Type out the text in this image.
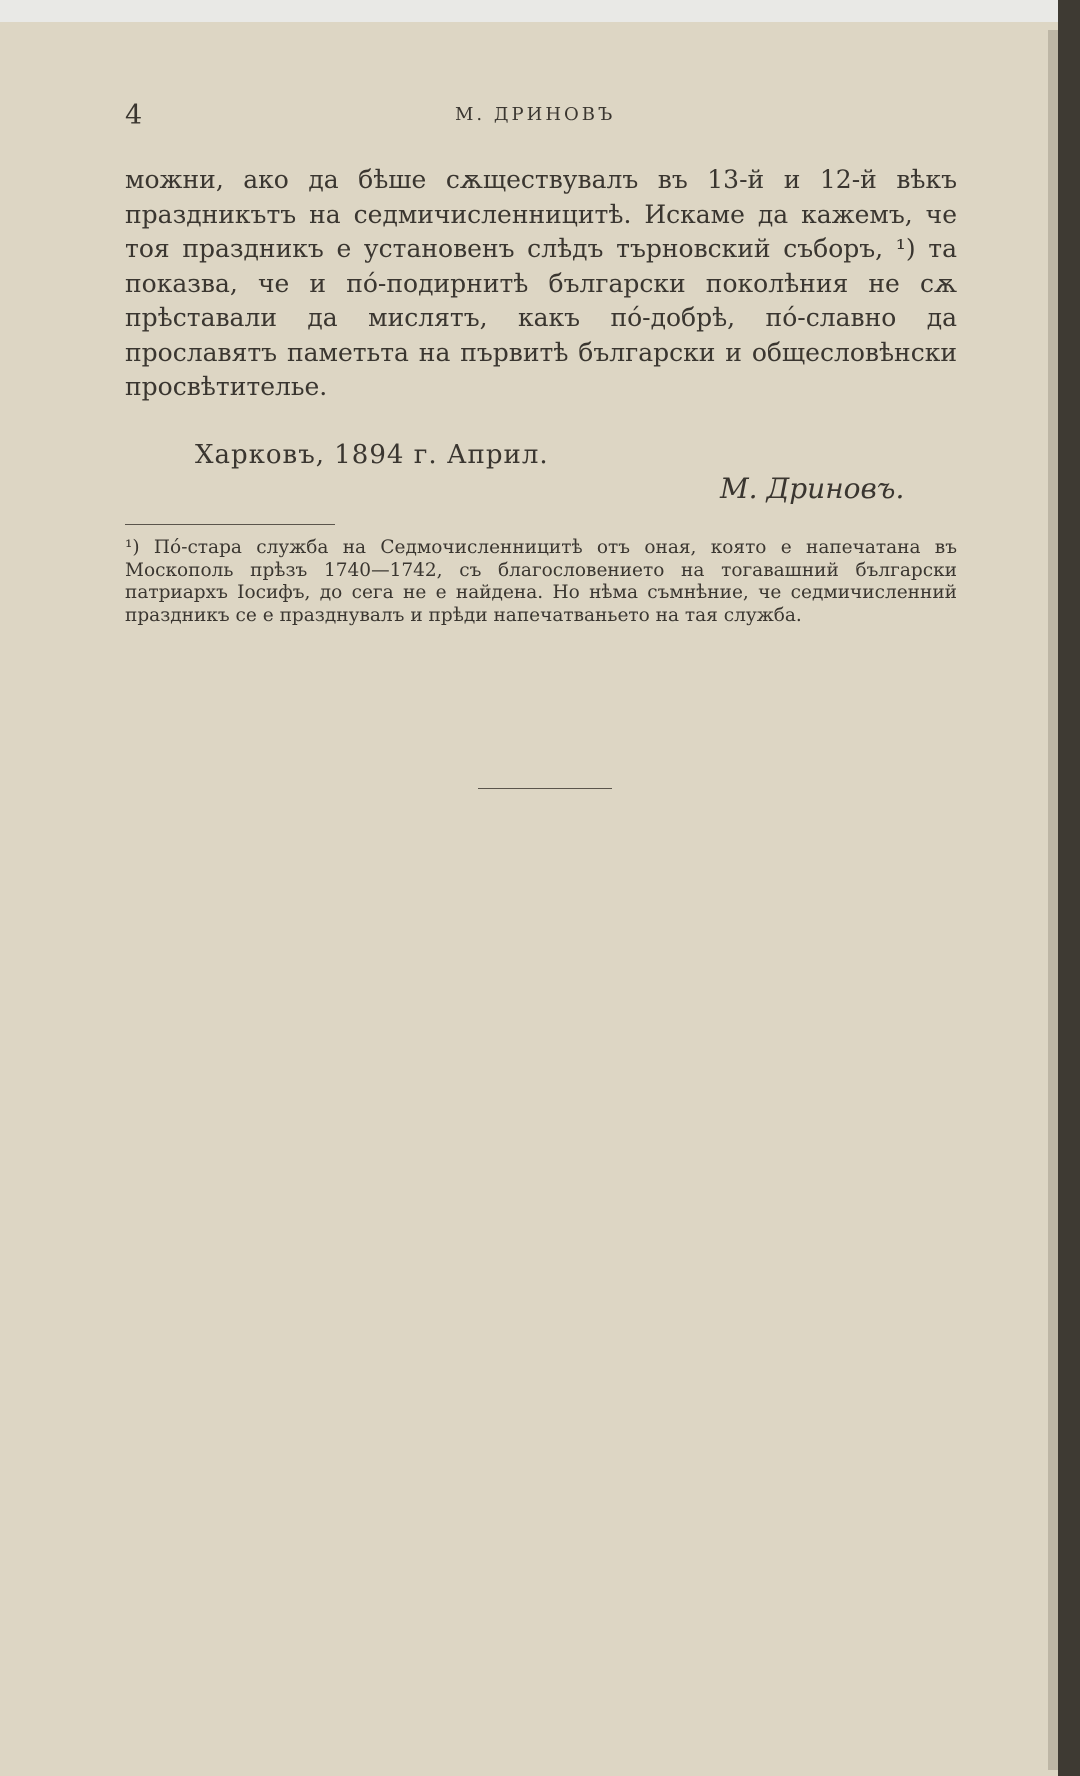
4	М. ДРИНОВЪ

можни, ако да бѣше сѫществувалъ въ 13-й и 12-й вѣкъ праздникътъ на седмичисленницитѣ. Искаме да кажемъ, че тоя праздникъ е установенъ слѣдъ търновский съборъ, ¹) та показва, че и пó-подирнитѣ български поколѣния не сѫ прѣставали да мислятъ, какъ пó-добрѣ, пó-славно да прославятъ паметьта на първитѣ български и общесловѣнски просвѣтителье.

Харковъ, 1894 г. Април.
М. Дриновъ.
¹) Пó-стара служба на Седмочисленницитѣ отъ оная, която е напечатана въ Москополь прѣзъ 1740—1742, съ благословението на тогавашний български патриархъ Іосифъ, до сега не е найдена. Но нѣма съмнѣние, че седмичисленний праздникъ се е празднувалъ и прѣди напечатваньето на тая служба.
